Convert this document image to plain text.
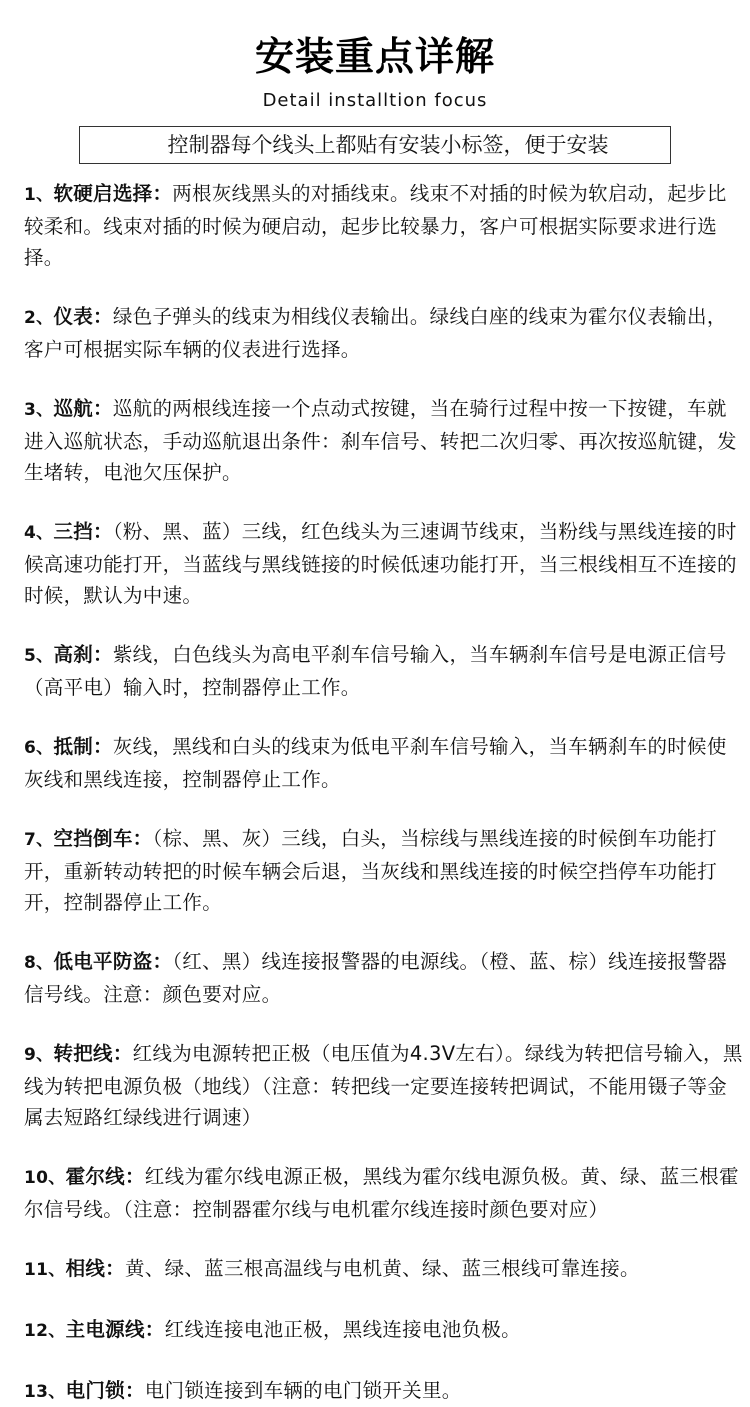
安装重点详解
Detail installtion focus
控制器每个线头上都贴有安装小标签，便于安装

1、软硬启选择：两根灰线黑头的对插线束。线束不对插的时候为软启动，起步比较柔和。线束对插的时候为硬启动，起步比较暴力，客户可根据实际要求进行选择。

2、仪表：绿色子弹头的线束为相线仪表输出。绿线白座的线束为霍尔仪表输出，客户可根据实际车辆的仪表进行选择。

3、巡航：巡航的两根线连接一个点动式按键，当在骑行过程中按一下按键，车就进入巡航状态，手动巡航退出条件：刹车信号、转把二次归零、再次按巡航键，发生堵转，电池欠压保护。

4、三挡：（粉、黑、蓝）三线，红色线头为三速调节线束，当粉线与黑线连接的时候高速功能打开，当蓝线与黑线链接的时候低速功能打开，当三根线相互不连接的时候，默认为中速。

5、高刹：紫线，白色线头为高电平刹车信号输入，当车辆刹车信号是电源正信号（高平电）输入时，控制器停止工作。

6、抵制：灰线，黑线和白头的线束为低电平刹车信号输入，当车辆刹车的时候使灰线和黑线连接，控制器停止工作。

7、空挡倒车：（棕、黑、灰）三线，白头，当棕线与黑线连接的时候倒车功能打开，重新转动转把的时候车辆会后退，当灰线和黑线连接的时候空挡停车功能打开，控制器停止工作。

8、低电平防盗：（红、黑）线连接报警器的电源线。（橙、蓝、棕）线连接报警器信号线。注意：颜色要对应。

9、转把线：红线为电源转把正极（电压值为4.3V左右）。绿线为转把信号输入，黑线为转把电源负极（地线）（注意：转把线一定要连接转把调试，不能用镊子等金属去短路红绿线进行调速）

10、霍尔线：红线为霍尔线电源正极，黑线为霍尔线电源负极。黄、绿、蓝三根霍尔信号线。（注意：控制器霍尔线与电机霍尔线连接时颜色要对应）

11、相线：黄、绿、蓝三根高温线与电机黄、绿、蓝三根线可靠连接。

12、主电源线：红线连接电池正极，黑线连接电池负极。

13、电门锁：电门锁连接到车辆的电门锁开关里。
